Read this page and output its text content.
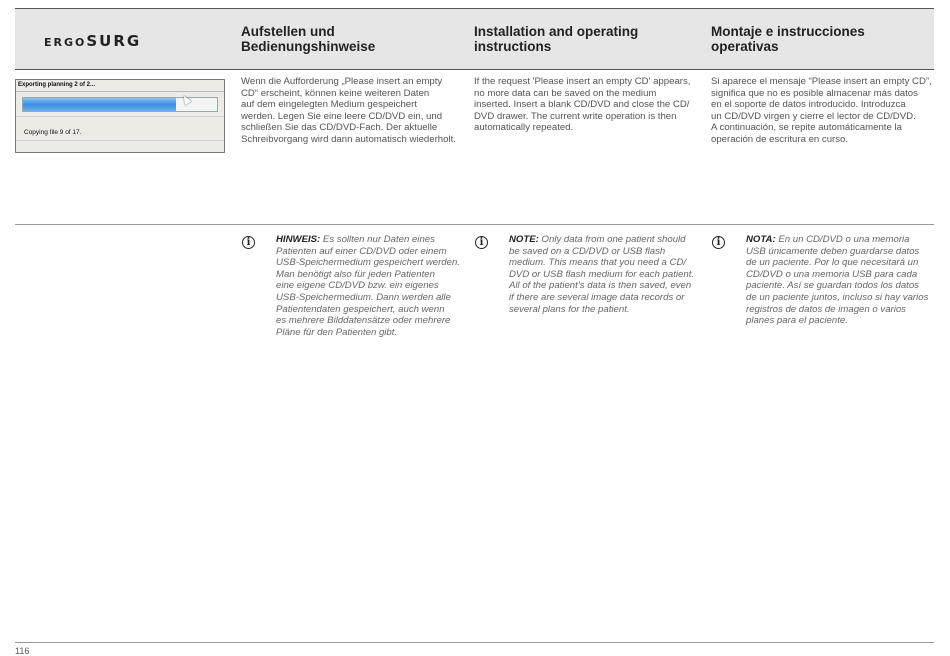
ERGOSURG
Aufstellen und
Bedienungshinweise
Installation and operating
instructions
Montaje e instrucciones
operativas
Exporting planning 2 of 2...
Copying file 9 of 17.
Wenn die Aufforderung „Please insert an empty
CD“ erscheint, können keine weiteren Daten
auf dem eingelegten Medium gespeichert
werden. Legen Sie eine leere CD/DVD ein, und
schließen Sie das CD/DVD-Fach. Der aktuelle
Schreibvorgang wird dann automatisch wiederholt.
If the request 'Please insert an empty CD' appears,
no more data can be saved on the medium
inserted. Insert a blank CD/DVD and close the CD/
DVD drawer. The current write operation is then
automatically repeated.
Si aparece el mensaje “Please insert an empty CD”,
significa que no es posible almacenar más datos
en el soporte de datos introducido. Introduzca
un CD/DVD virgen y cierre el lector de CD/DVD.
A continuación, se repite automáticamente la
operación de escritura en curso.
i	HINWEIS: Es sollten nur Daten eines
Patienten auf einer CD/DVD oder einem
USB-Speichermedium gespeichert werden.
Man benötigt also für jeden Patienten
eine eigene CD/DVD bzw. ein eigenes
USB-Speichermedium. Dann werden alle
Patientendaten gespeichert, auch wenn
es mehrere Bilddatensätze oder mehrere
Pläne für den Patienten gibt.
i	NOTE: Only data from one patient should
be saved on a CD/DVD or USB flash
medium. This means that you need a CD/
DVD or USB flash medium for each patient.
All of the patient’s data is then saved, even
if there are several image data records or
several plans for the patient.
i	NOTA: En un CD/DVD o una memoria
USB únicamente deben guardarse datos
de un paciente. Por lo que necesitará un
CD/DVD o una memoria USB para cada
paciente. Así se guardan todos los datos
de un paciente juntos, incluso si hay varios
registros de datos de imagen o varios
planes para el paciente.
116
